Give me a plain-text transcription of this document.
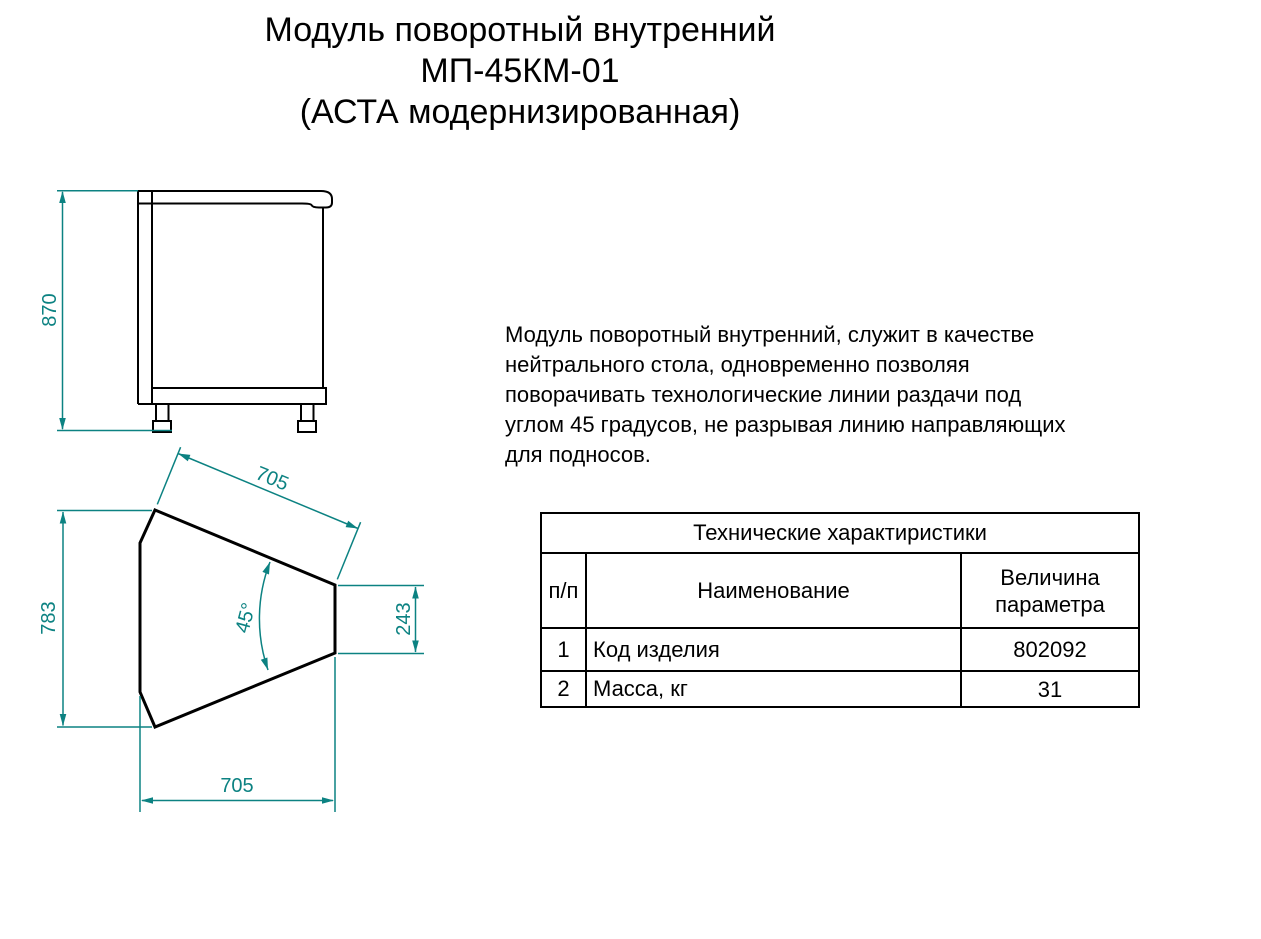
Модуль поворотный внутренний
МП-45КМ-01
(АСТА модернизированная)
870
783	243
705
705
45°
Модуль поворотный внутренний, служит в качестве
нейтрального стола, одновременно позволяя
поворачивать технологические линии раздачи под
углом 45 градусов, не разрывая линию направляющих
для подносов.
Технические характиристики		
п/п	Наименование	Величина параметра
1	Код изделия	802092
2	Масса, кг	31
